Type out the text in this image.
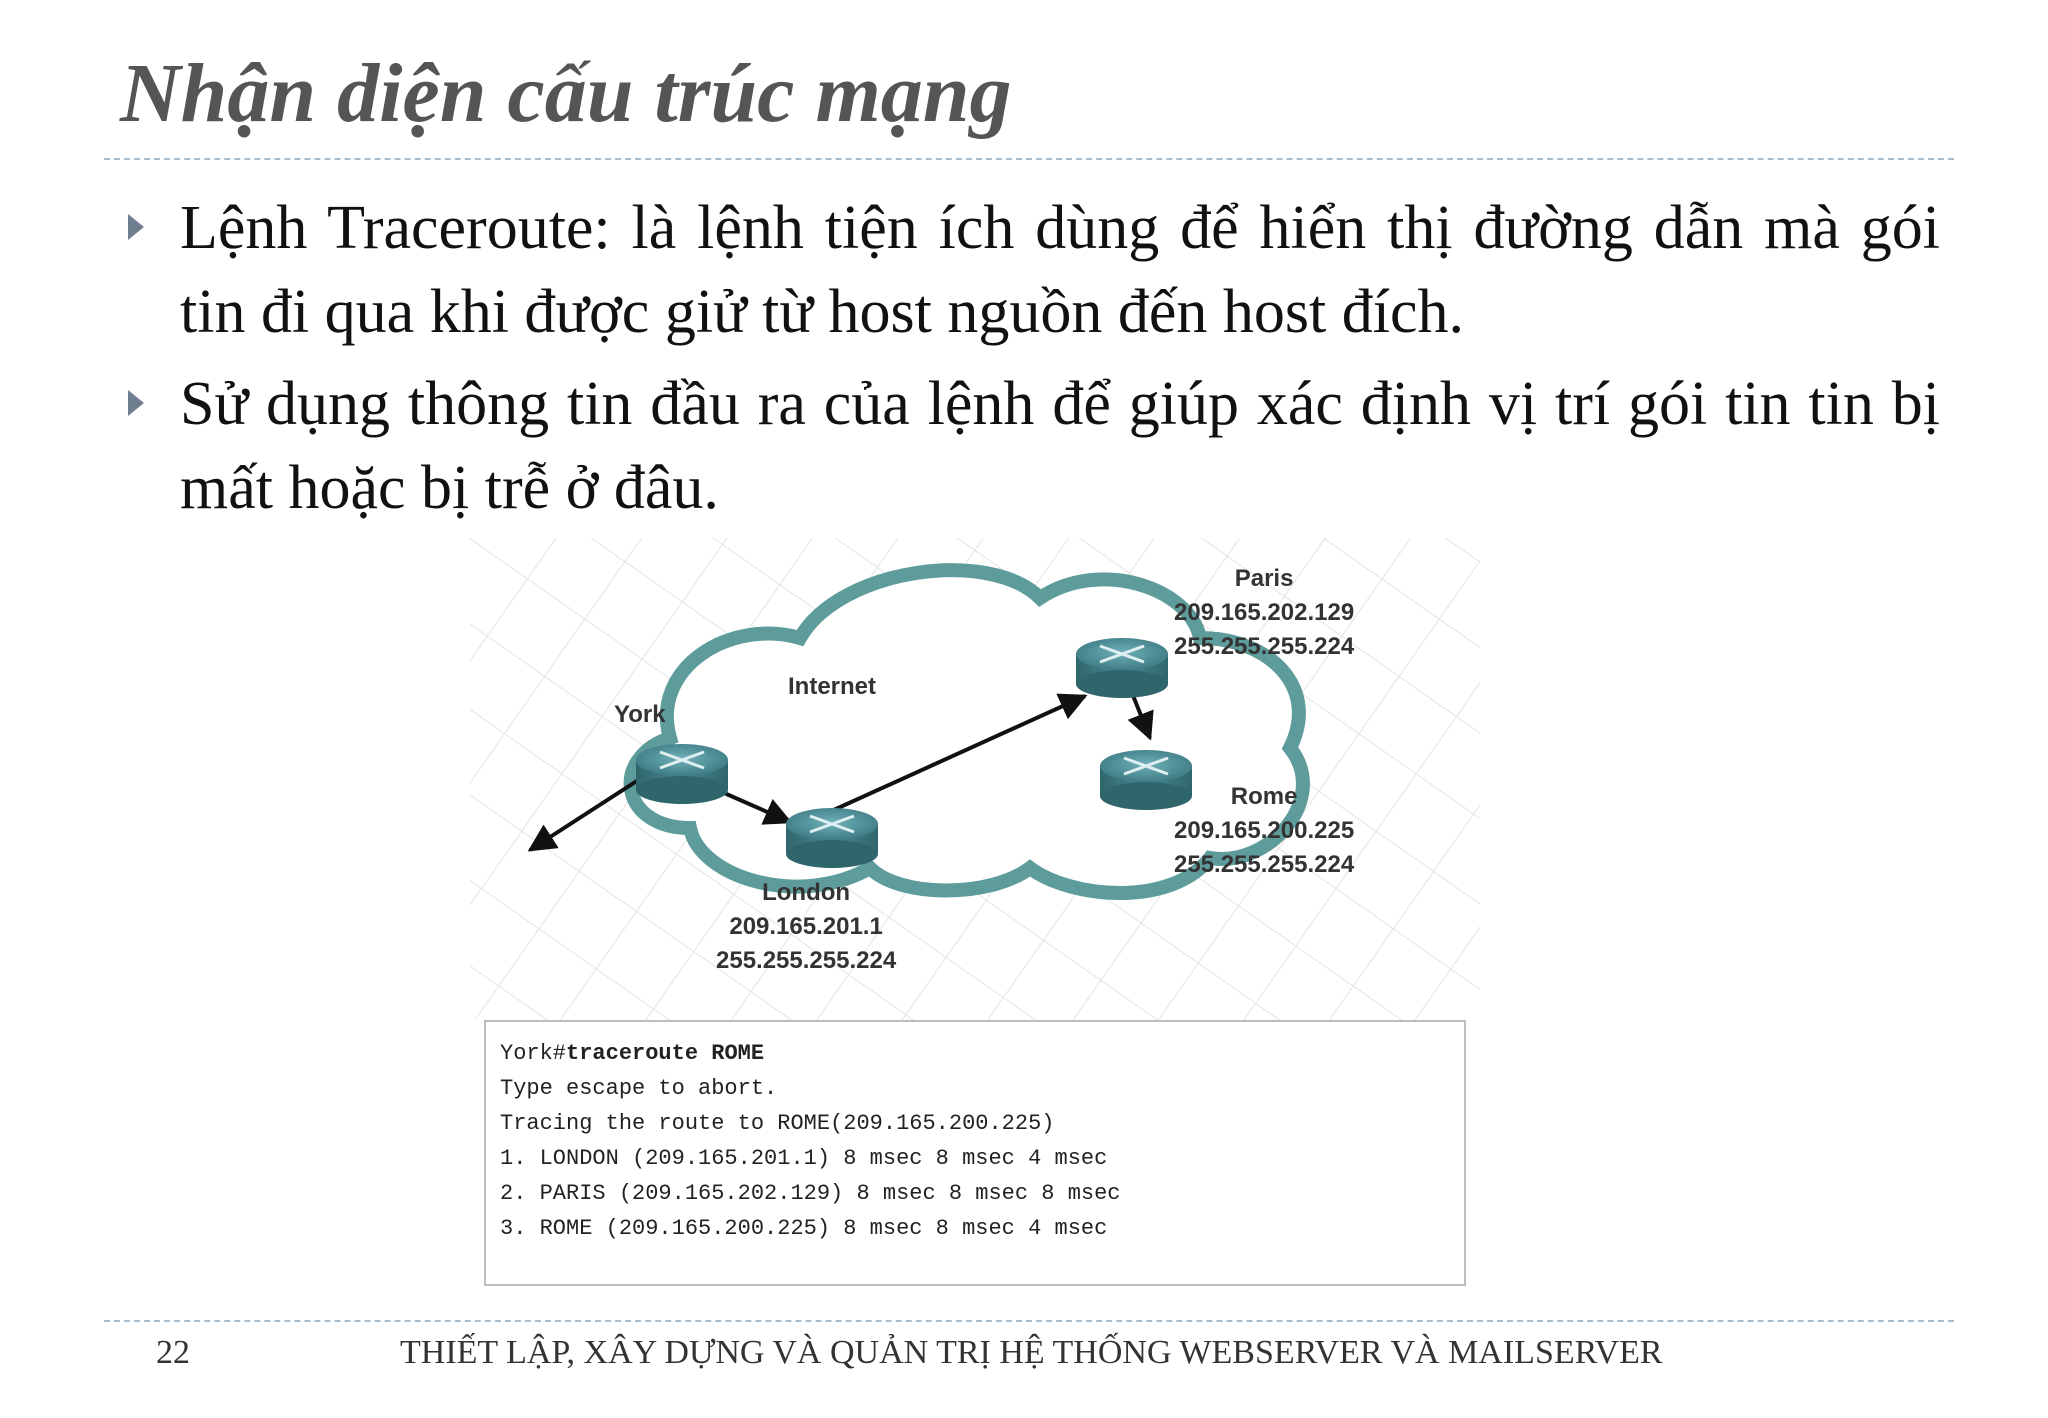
Nhận diện cấu trúc mạng
Lệnh Traceroute: là lệnh tiện ích dùng để hiển thị đường dẫn mà gói tin đi qua khi được giử từ host nguồn đến host đích.
Sử dụng thông tin đầu ra của lệnh để giúp xác định vị trí gói tin tin bị mất hoặc bị trễ ở đâu.
Internet
York
London
209.165.201.1
255.255.255.224
Paris
209.165.202.129
255.255.255.224
Rome
209.165.200.225
255.255.255.224
York#traceroute ROME
Type escape to abort.
Tracing the route to ROME(209.165.200.225)
1. LONDON (209.165.201.1) 8 msec 8 msec 4 msec
2. PARIS (209.165.202.129) 8 msec 8 msec 8 msec
3. ROME (209.165.200.225) 8 msec 8 msec 4 msec
22	THIẾT LẬP, XÂY DỰNG VÀ QUẢN TRỊ HỆ THỐNG WEBSERVER VÀ MAILSERVER
